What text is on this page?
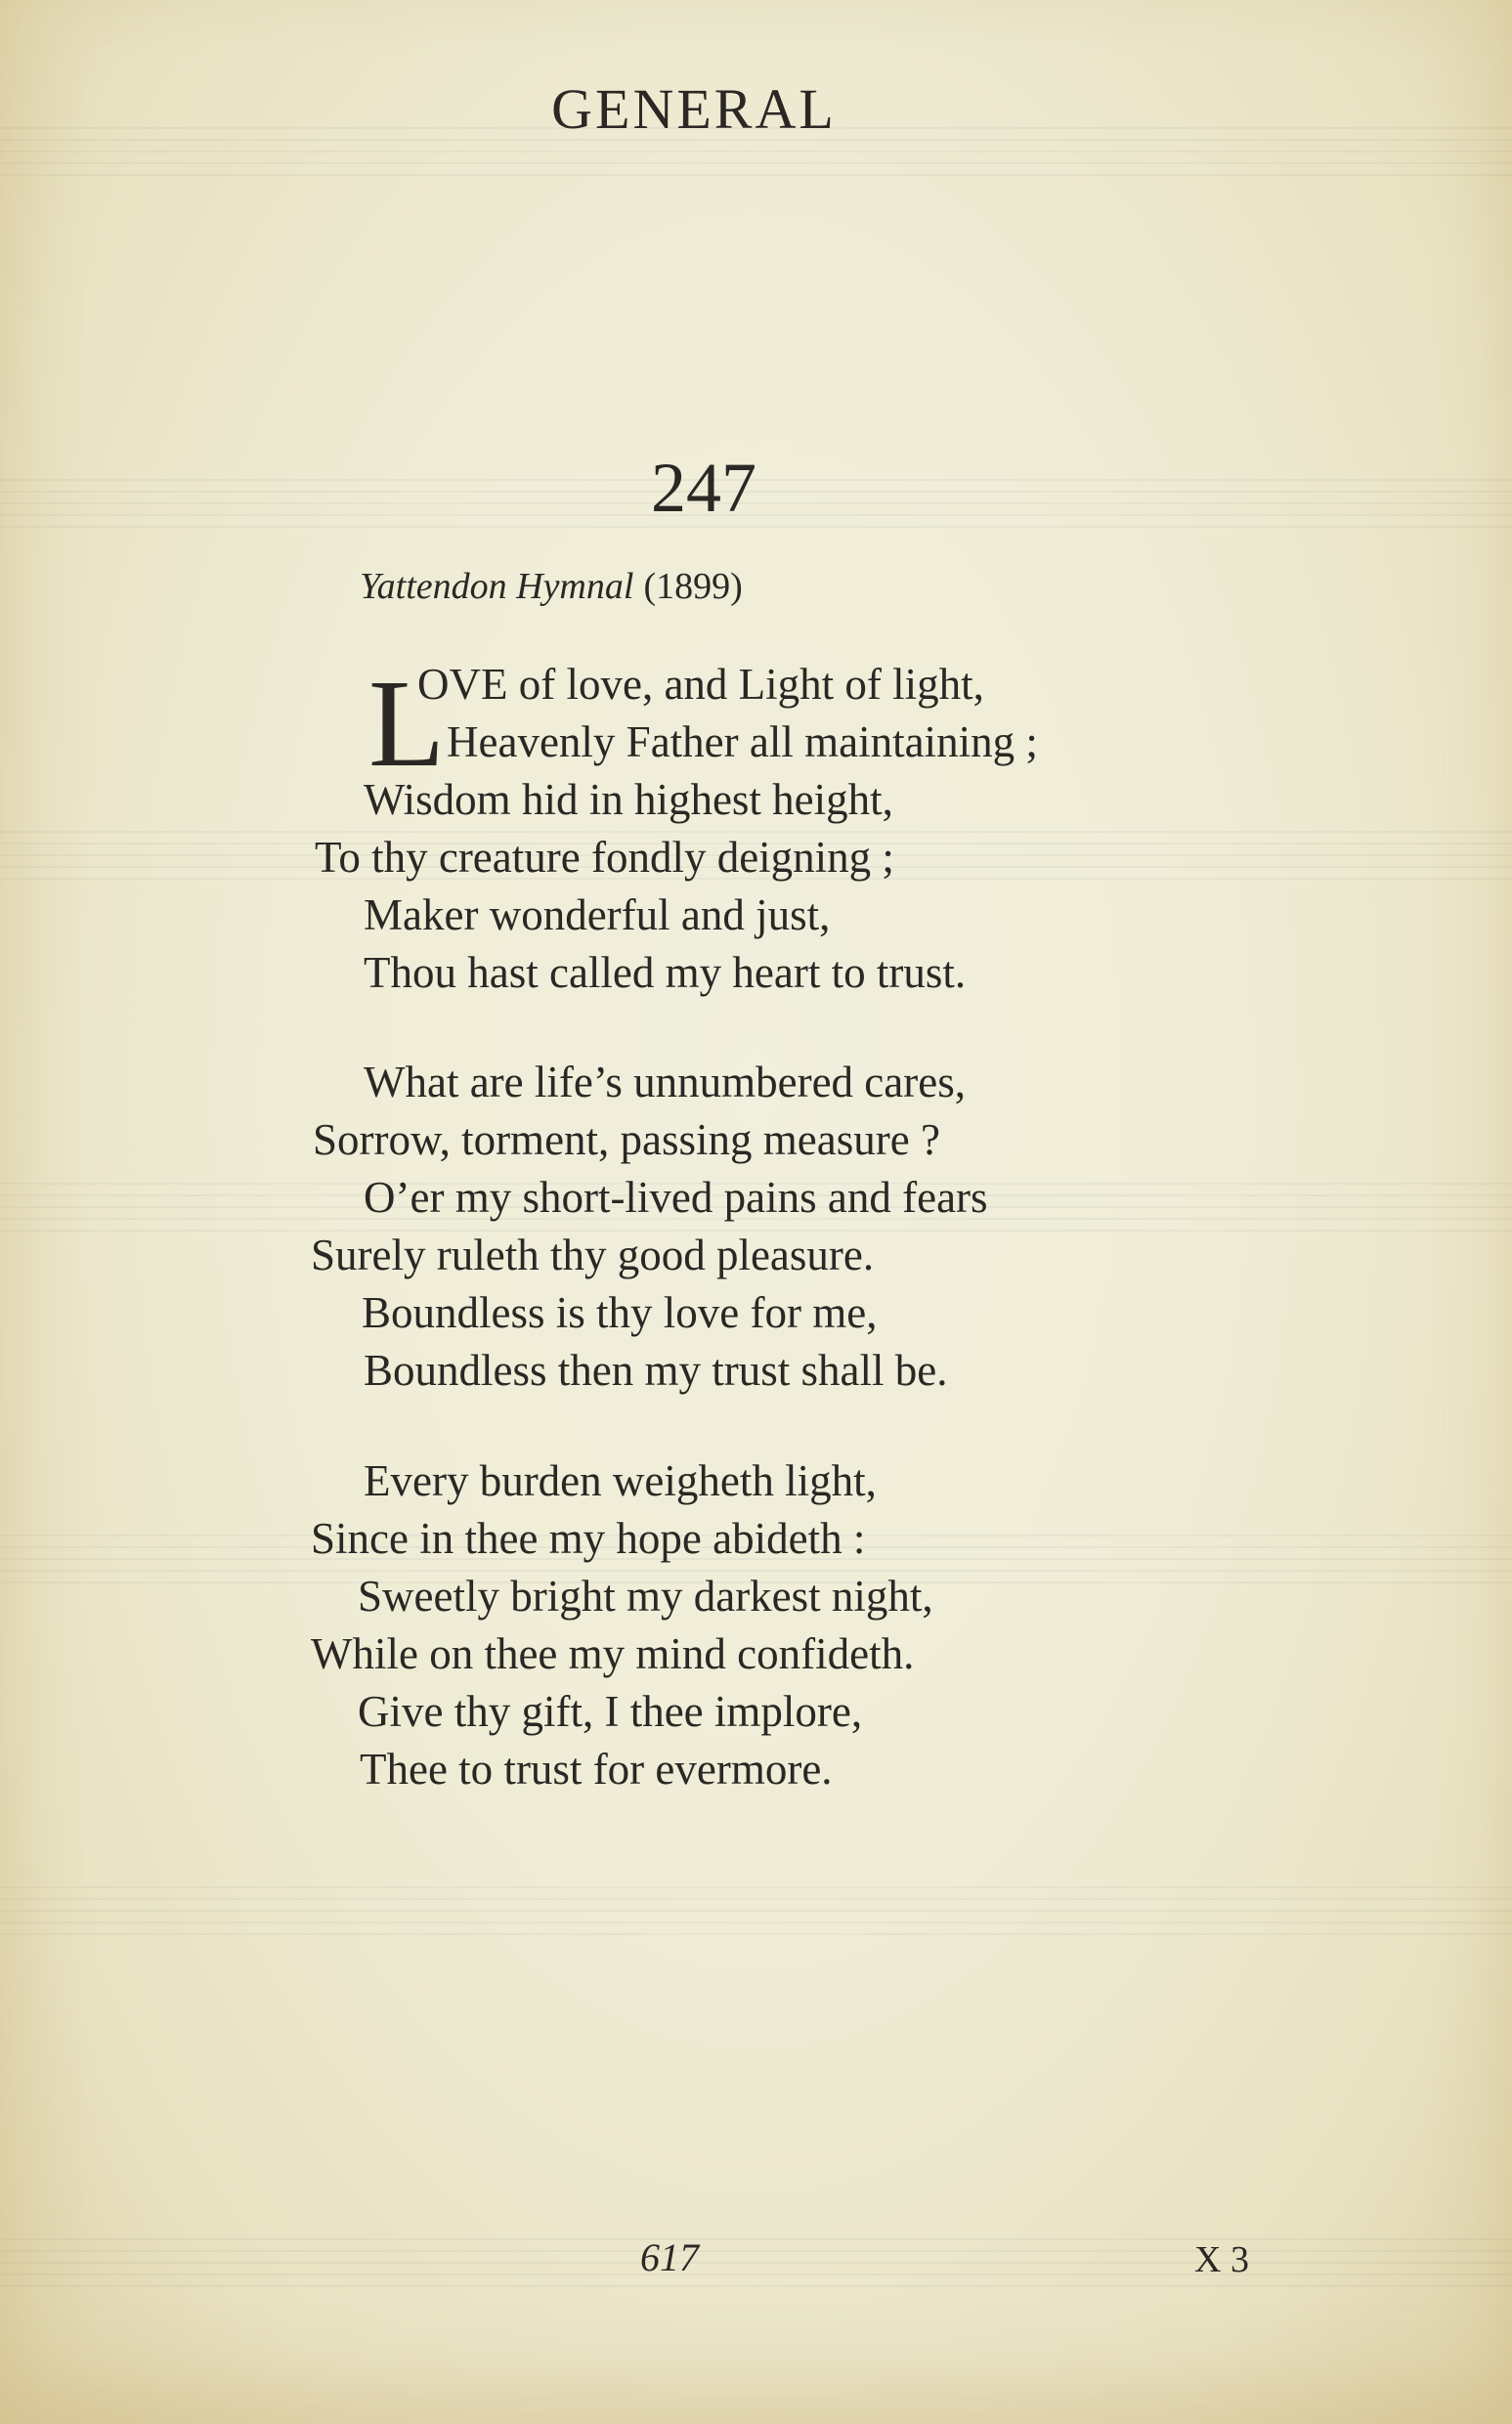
GENERAL
247
Yattendon Hymnal (1899)
L
OVE of love, and Light of light,
Heavenly Father all maintaining ;
Wisdom hid in highest height,
To thy creature fondly deigning ;
Maker wonderful and just,
Thou hast called my heart to trust.
What are life’s unnumbered cares,
Sorrow, torment, passing measure ?
O’er my short-lived pains and fears
Surely ruleth thy good pleasure.
Boundless is thy love for me,
Boundless then my trust shall be.
Every burden weigheth light,
Since in thee my hope abideth :
Sweetly bright my darkest night,
While on thee my mind confideth.
Give thy gift, I thee implore,
Thee to trust for evermore.
617	X 3
